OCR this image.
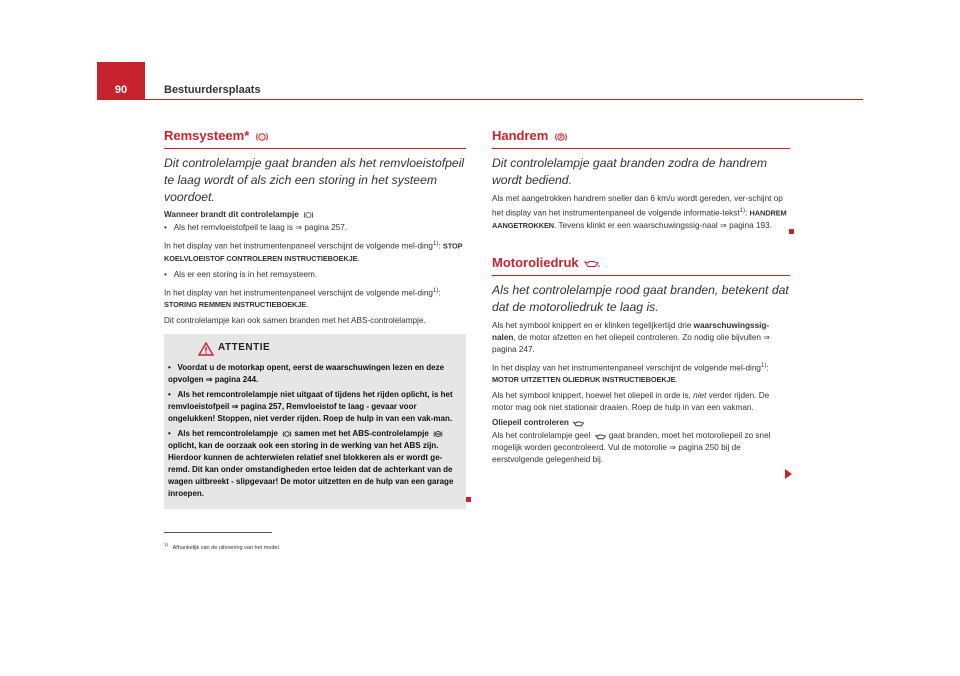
90	Bestuurdersplaats
Remsysteem*	!

Dit controlelampje gaat branden als het remvloeistofpeil te laag wordt of als zich een storing in het systeem voordoet.

Wanneer brandt dit controlelampje

•   Als het remvloeistofpeil te laag is ⇒ pagina 257.

In het display van het instrumentenpaneel verschijnt de volgende mel-ding$^{1)}$: STOP KOELVLOEISTOF CONTROLEREN INSTRUCTIEBOEKJE.

•   Als er een storing is in het remsysteem.

In het display van het instrumentenpaneel verschijnt de volgende mel-ding$^{1)}$: STORING REMMEN INSTRUCTIEBOEKJE.

Dit controlelampje kan ook samen branden met het ABS-controlelampje.

ATTENTIE

•   Voordat u de motorkap opent, eerst de waarschuwingen lezen en deze opvolgen ⇒ pagina 244.

•   Als het remcontrolelampje niet uitgaat of tijdens het rijden oplicht, is het remvloeistofpeil ⇒ pagina 257, Remvloeistof te laag - gevaar voor ongelukken! Stoppen, niet verder rijden. Roep de hulp in van een vak-man.

•   Als het remcontrolelampje samen met het ABS-controlelampje  oplicht, kan de oorzaak ook een storing in de werking van het ABS zijn. Hierdoor kunnen de achterwielen relatief snel blokkeren als er wordt ge-remd. Dit kan onder omstandigheden ertoe leiden dat de achterkant van de wagen uitbreekt - slipgevaar! De motor uitzetten en de hulp van een garage inroepen.

Handrem P

Dit controlelampje gaat branden zodra de handrem wordt bediend.

Als met aangetrokken handrem sneller dan 6 km/u wordt gereden, ver-schijnt op het display van het instrumentenpaneel de volgende informatie-tekst$^{1)}$: HANDREM AANGETROKKEN. Tevens klinkt er een waarschuwingssig-naal ⇒ pagina 193.

Motoroliedruk

Als het controlelampje rood gaat branden, betekent dat dat de motoroliedruk te laag is.

Als het symbool knippert en er klinken tegelijkertijd drie waarschuwingssig-nalen, de motor afzetten en het oliepeil controleren. Zo nodig olie bijvullen ⇒ pagina 247.

In het display van het instrumentenpaneel verschijnt de volgende mel-ding$^{1)}$: MOTOR UITZETTEN OLIEDRUK INSTRUCTIEBOEKJE.

Als het symbool knippert, hoewel het oliepeil in orde is, niet verder rijden. De motor mag ook niet stationair draaien. Roep de hulp in van een vakman.

Oliepeil controleren

Als het controlelampje geel gaat branden, moet het motoroliepeil zo snel mogelijk worden gecontroleerd. Vul de motorolie ⇒ pagina 250 bij de eerstvolgende gelegenheid bij.

$^{1)}$   Afhankelijk van de uitvoering van het model.
